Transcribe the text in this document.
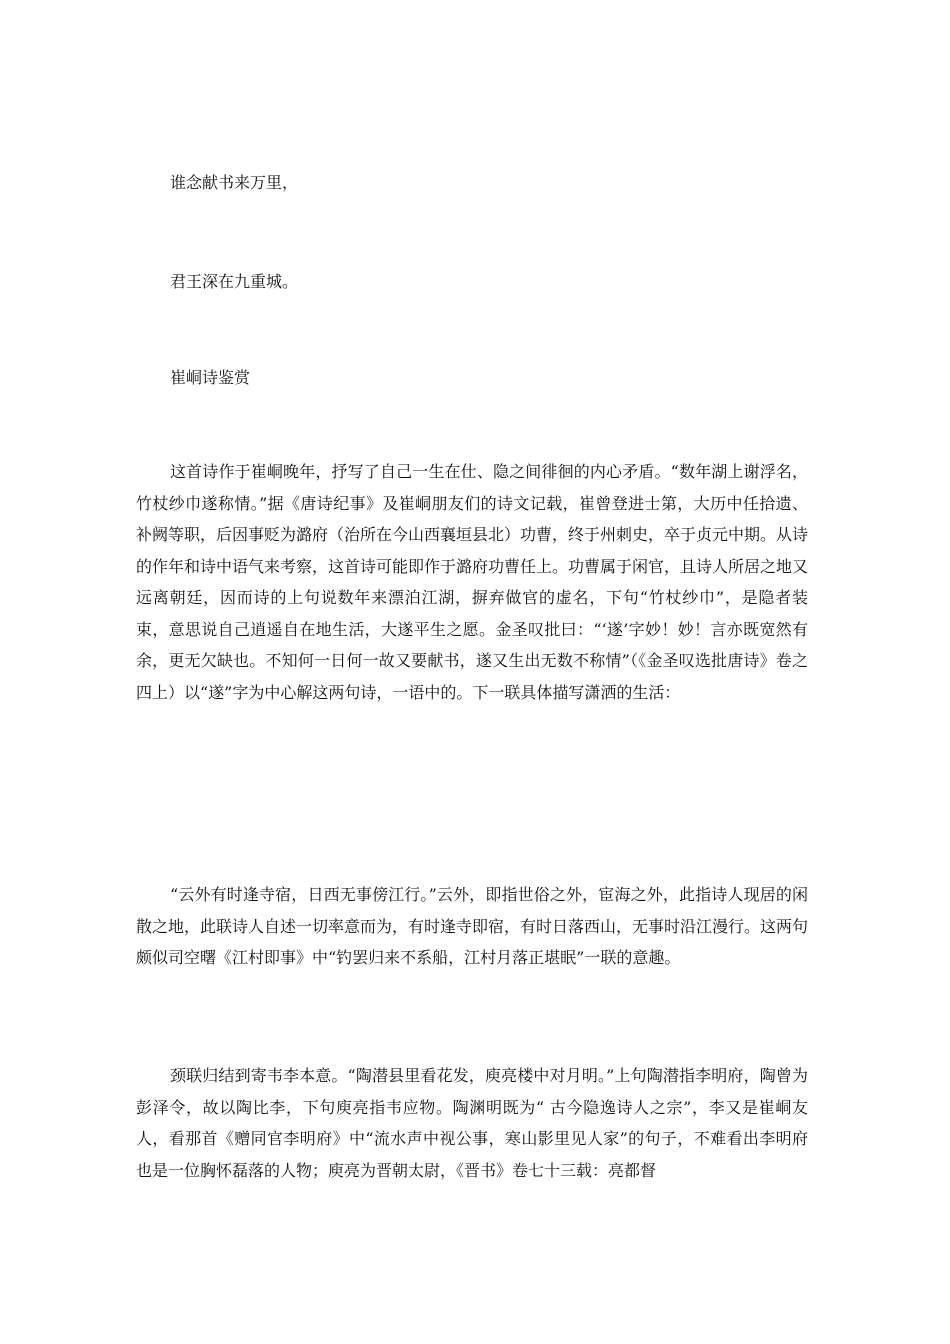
谁念献书来万里，
君王深在九重城。
崔峒诗鉴赏

这首诗作于崔峒晚年，抒写了自己一生在仕、隐之间徘徊的内心矛盾。“数年湖上谢浮名，竹杖纱巾遂称情。”据《唐诗纪事》及崔峒朋友们的诗文记载，崔曾登进士第，大历中任拾遗、补阙等职，后因事贬为潞府（治所在今山西襄垣县北）功曹，终于州刺史，卒于贞元中期。从诗的作年和诗中语气来考察，这首诗可能即作于潞府功曹任上。功曹属于闲官，且诗人所居之地又远离朝廷，因而诗的上句说数年来漂泊江湖，摒弃做官的虚名，下句“竹杖纱巾”，是隐者装束，意思说自己逍遥自在地生活，大遂平生之愿。金圣叹批曰：“‘遂’字妙！妙！言亦既宽然有余，更无欠缺也。不知何一日何一故又要献书，遂又生出无数不称情”（《金圣叹选批唐诗》卷之四上）以“遂”字为中心解这两句诗，一语中的。下一联具体描写潇洒的生活：

“云外有时逢寺宿，日西无事傍江行。”云外，即指世俗之外，宦海之外，此指诗人现居的闲散之地，此联诗人自述一切率意而为，有时逢寺即宿，有时日落西山，无事时沿江漫行。这两句颇似司空曙《江村即事》中“钓罢归来不系船，江村月落正堪眠”一联的意趣。

颈联归结到寄韦李本意。“陶潜县里看花发，庾亮楼中对月明。”上句陶潜指李明府，陶曾为彭泽令，故以陶比李，下句庾亮指韦应物。陶渊明既为“ 古今隐逸诗人之宗”，李又是崔峒友人，看那首《赠同官李明府》中“流水声中视公事，寒山影里见人家”的句子，不难看出李明府也是一位胸怀磊落的人物；庾亮为晋朝太尉，《晋书》卷七十三载：亮都督
